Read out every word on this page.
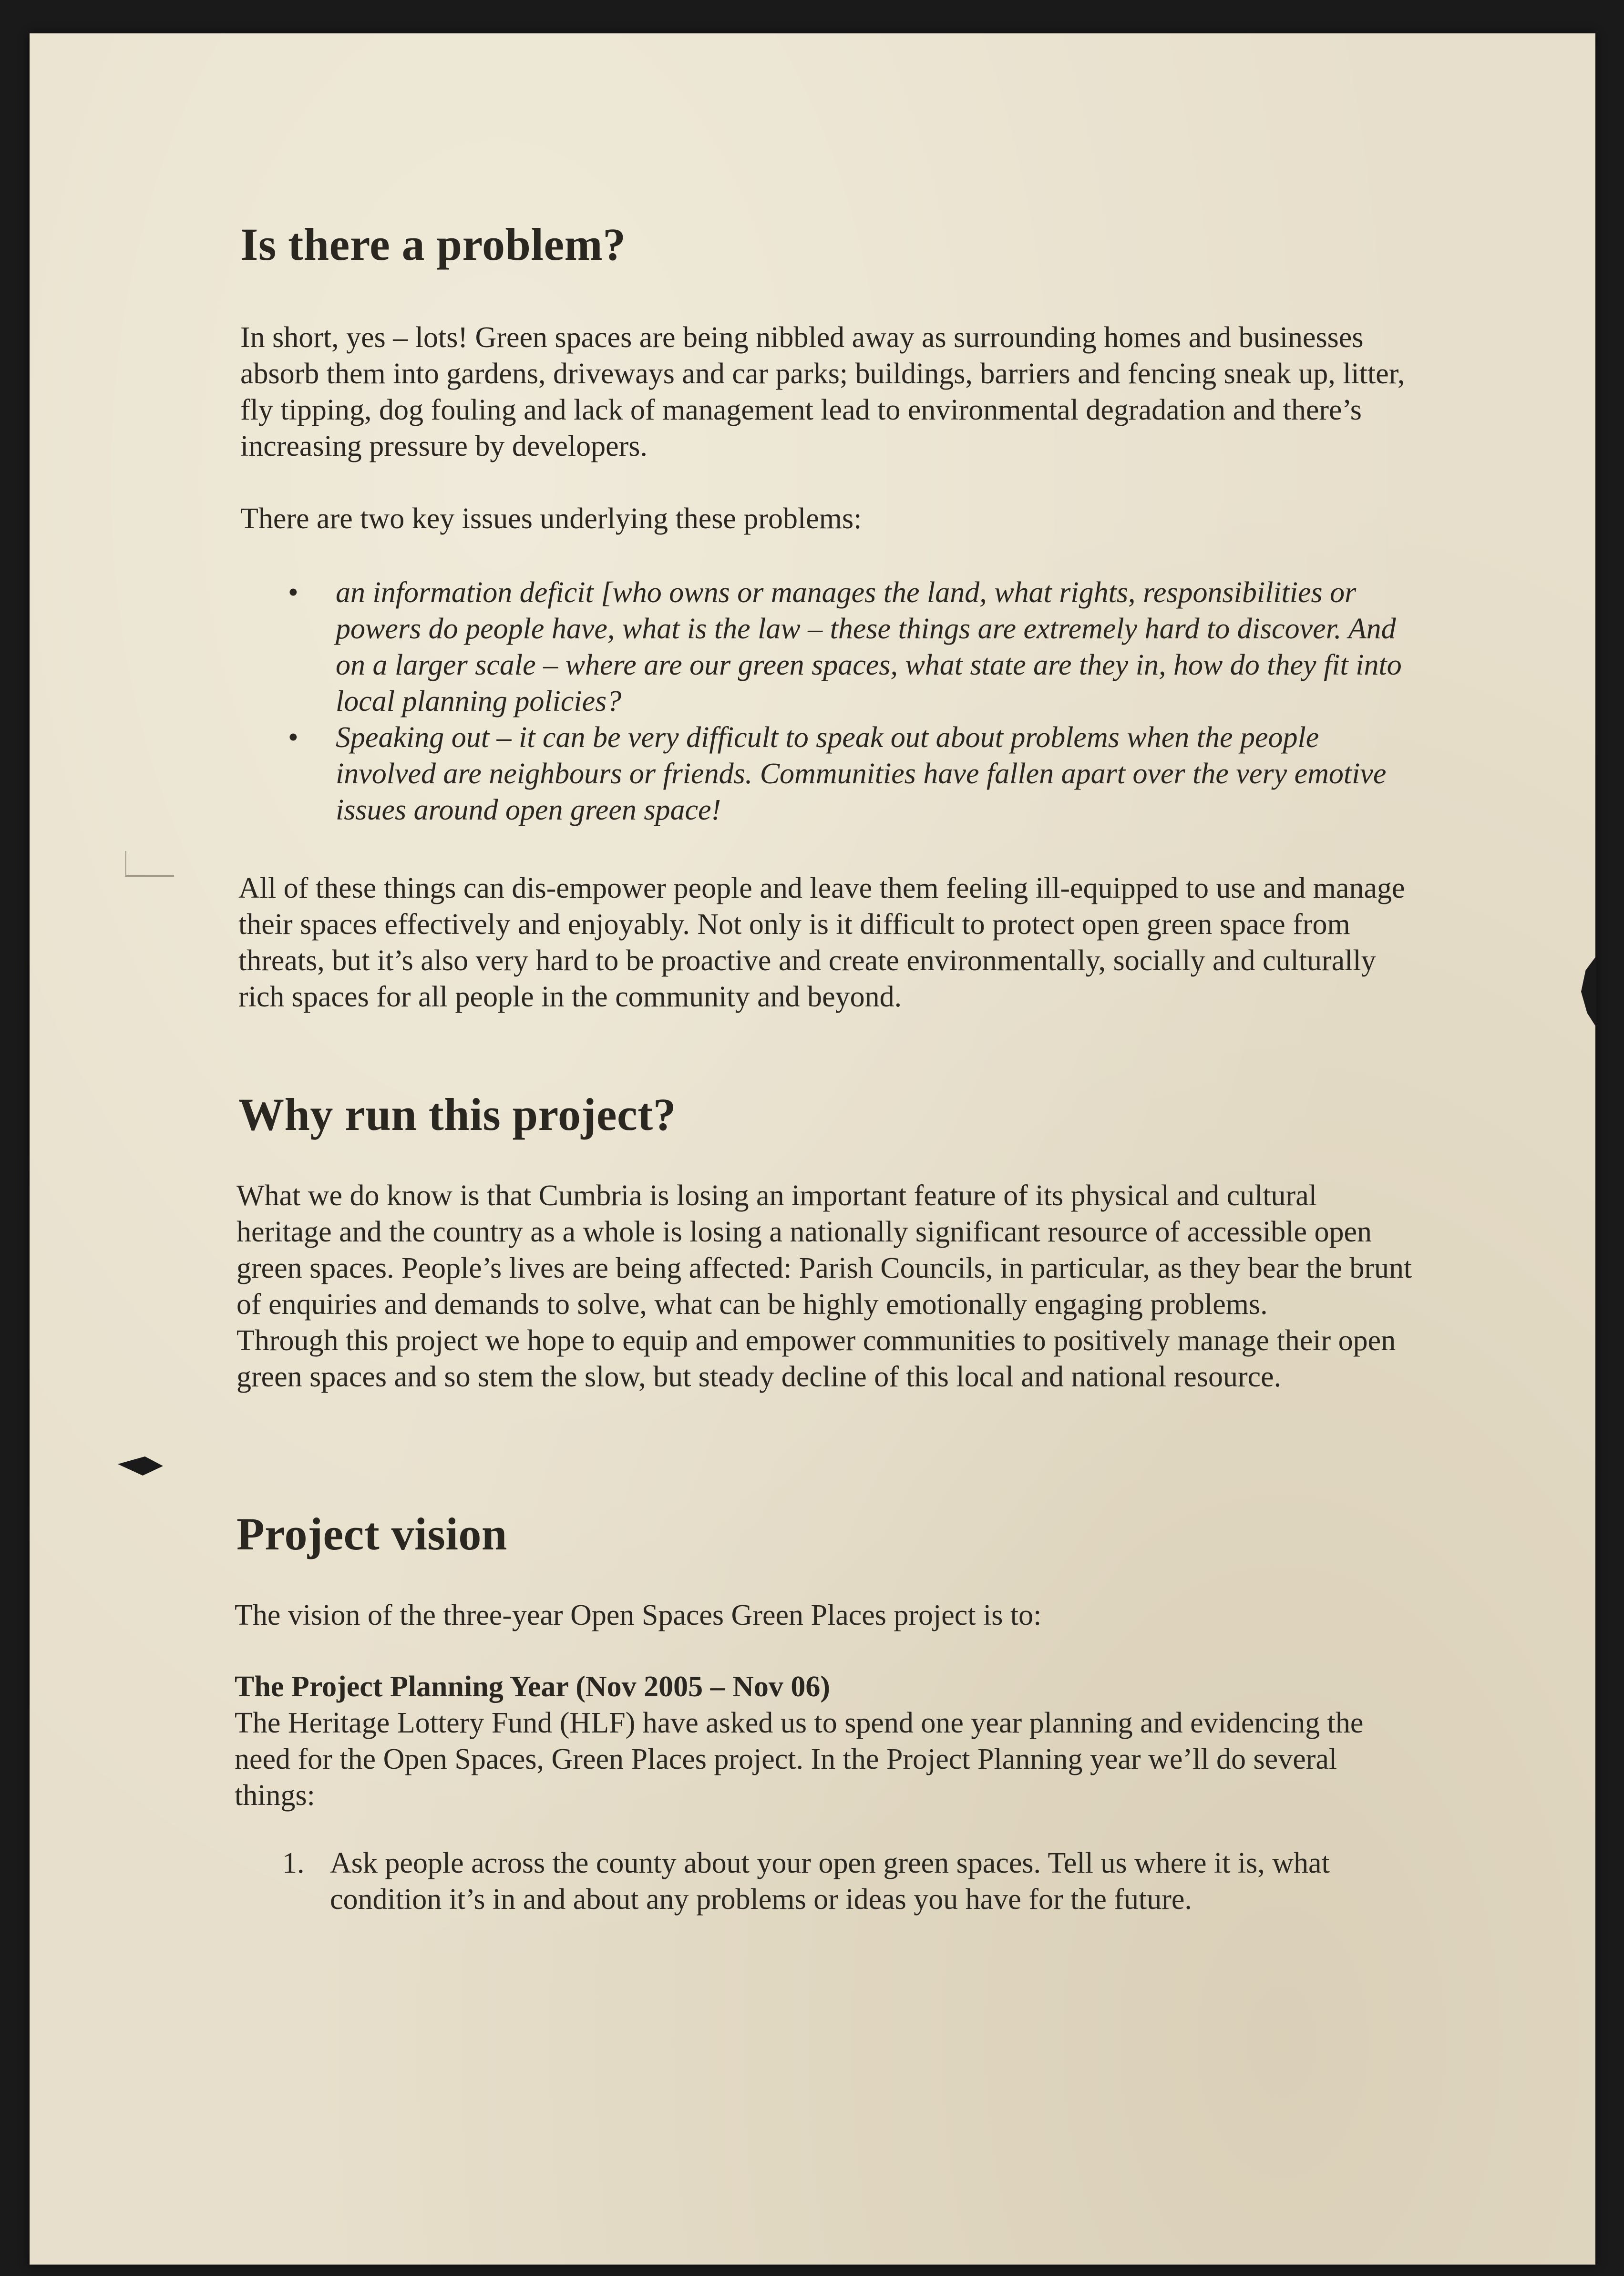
Is there a problem?

In short, yes – lots! Green spaces are being nibbled away as surrounding homes and businesses absorb them into gardens, driveways and car parks; buildings, barriers and fencing sneak up, litter, fly tipping, dog fouling and lack of management lead to environmental degradation and there’s increasing pressure by developers.

There are two key issues underlying these problems:

• an information deficit [who owns or manages the land, what rights, responsibilities or powers do people have, what is the law – these things are extremely hard to discover. And on a larger scale – where are our green spaces, what state are they in, how do they fit into local planning policies?
• Speaking out – it can be very difficult to speak out about problems when the people involved are neighbours or friends. Communities have fallen apart over the very emotive issues around open green space!

All of these things can dis-empower people and leave them feeling ill-equipped to use and manage their spaces effectively and enjoyably. Not only is it difficult to protect open green space from threats, but it’s also very hard to be proactive and create environmentally, socially and culturally rich spaces for all people in the community and beyond.

Why run this project?

What we do know is that Cumbria is losing an important feature of its physical and cultural heritage and the country as a whole is losing a nationally significant resource of accessible open green spaces. People’s lives are being affected: Parish Councils, in particular, as they bear the brunt of enquiries and demands to solve, what can be highly emotionally engaging problems.

Through this project we hope to equip and empower communities to positively manage their open green spaces and so stem the slow, but steady decline of this local and national resource.

Project vision

The vision of the three-year Open Spaces Green Places project is to:

The Project Planning Year (Nov 2005 – Nov 06)

The Heritage Lottery Fund (HLF) have asked us to spend one year planning and evidencing the need for the Open Spaces, Green Places project. In the Project Planning year we’ll do several things:

1. Ask people across the county about your open green spaces. Tell us where it is, what condition it’s in and about any problems or ideas you have for the future.
